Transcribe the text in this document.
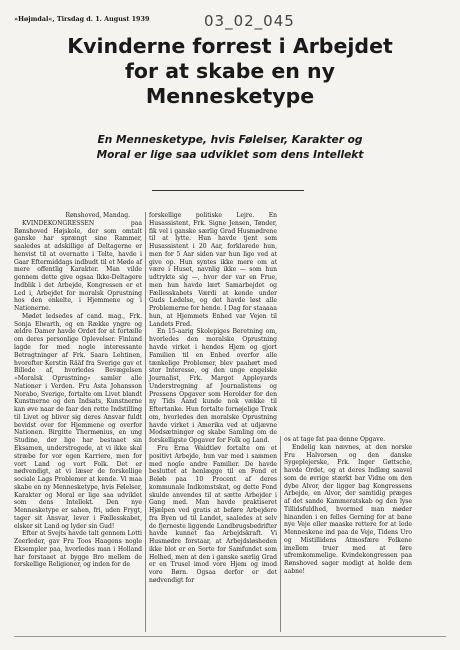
»Højmdal«, Tirsdag d. 1. August 1939	03_02_045
Kvinderne forrest i Arbejdet
for at skabe en ny
Mennesketype
En Mennesketype, hvis Følelser, Karakter og
Moral er lige saa udviklet som dens Intellekt

Rønshoved, Mandag.

KVINDEKONGRESSEN paa Rønshoved Højskole, der som omtalt ganske har sprængt sine Rammer, saaledes at adskillige af Deltagerne er henvist til at overnatte i Telte, havde i Gaar Eftermiddags indbudt til et Møde af mere offentlig Karakter. Man vilde gennem dette give ogsaa Ikke-Deltagere Indblik i det Arbejde, Kongressen er et Led i, Arbejdet for moralsk Oprustning hos den enkelte, i Hjemmene og i Nationerne.

Mødet ledsedes af cand. mag., Frk. Sonja Elwarth, og en Række yngre og ældre Damer havde Ordet for at fortælle om deres personlige Oplevelser. Finland lagde for med nogle interessante Betragtninger af Frk. Saara Lehtinen, hvorefter Kerstin Rääf fra Sverige gav et Billede af, hvorledes Bevægelsen »Moralsk Oprustning« samler alle Nationer i Verden. Fru Asta Johansson Norabo, Sverige, fortalte om Livet blandt Kunstnerne og den Indsats, Kunstnerne kan øve naar de faar den rette Indstilling til Livet og bliver sig deres Ansvar fuldt bevidst over for Hjemmene og overfor Nationen. Birgitte Thermønius, en ung Studine, der lige har bestaaet sin Eksamen, understregede, at vi ikke skal stræbe for vor egen Karriere, men for vort Land og vort Folk. Det er nødvendigt, at vi læser de forskellige sociale Lags Problemer at kende. Vi maa skabe en ny Mennesketype, hvis Følelser, Karakter og Moral er lige saa udviklet som dens Intellekt. Den nye Mennesketype er sahen, fri, uden Frygt, tager sit Ansvar, lever i Fællesskabet, elsker sit Land og lyder sin Gud!

Efter at Svejts havde talt gennem Lotti Zeerleder, gav Fru Toos Haagens nogle Eksempler paa, hvorledes man i Holland har forstaaet at bygge Bro mellem de forskellige Religioner, og inden for de

forskellige politiske Lejre. En Husassistent, Frk. Signe Jensen, Tønder, fik vel i ganske særlig Grad Husmødrene til at lytte. Hun havde tjent som Husassistent i 20 Aar, forklarede hun, men for 5 Aar siden var hun lige ved at give op. Hun syntes ikke mere om at være i Huset, navnlig ikke — som hun udtrykte sig —, hvor der var en Frue, men hun havde lært Samarbejdet og Fællesskabets Værdi at kende under Guds Ledelse, og det havde løst alle Problemerne for hende. I Dag for staaaaa hun, at Hjemmets Enhed var Vejen til Landets Fred.

En 15-aarig Skolepiges Beretning om, hvorledes den moralske Oprustning havde virket i hendes Hjem og gjort Familien til en Enhed overfor alle tænkelige Problemer, blev paahørt med stor Interesse, og den unge engelske Journalist, Frk. Margot Appleyards Understregning af Journalistens og Pressens Opgaver som Herolder for den ny Tids Aand kunde nok vække til Eftertanke. Hun fortalte fornøjelige Træk om, hvorledes den moralske Oprustning havde virket i Amerika ved at udjævne Modsætninger og skabe Samling om de forskelligste Opgaver for Folk og Land.

Fru Erna Waidtløv fortalte om et positivt Arbejde, hun var med i sammen med nogle andre Familier. De havde besluttet at henlægge til en Fond et Beløb paa 10 Procent af deres kommunale Indkomstskat, og dette Fond skulde anvendes til at sætte Arbejder i Gang med. Man havde praktiseret Hjælpen ved gratis at beføre Arbejdere fra Byen ud til Landet, saaledes at selv de fjerneste liggende Landbrugsbedrifter havde kunnet faa Arbejdskraft. Vi Husmødre forstaar, at Arbejdsløsheden ikke blot er en Sorte for Samfundet som Helhed, men at den i ganske særlig Grad er en Trusel imod vore Hjem og imod vore Børn. Ogsaa derfor er det nødvendigt for

os at tage fat paa denne Opgave.

Endelig kan nævnes, at den norske Fru Halvorsen og den danske Sygeplejerske, Frk. Inger Gøttsche, havde Ordet, og at deres Indlæg saavel som de øvrige stærkt bar Vidne om den dybe Alvor, der ligger bag Kongressens Arbejde, en Alvor, der samtidig præges af det sande Kammeratskab og den lyse Tillidsfuldhed, hvormed man møder hinanden i en felles Gerning for at bane nye Veje eller maaske rettere for at lede Menneskene ind paa de Veje, Tidens Uro og Mistillidens Atmosfære Folkene imellem truer med at føre ufremkommelige. Kvindekongressen paa Rønshoved sager modigt at holde dem aabne!
